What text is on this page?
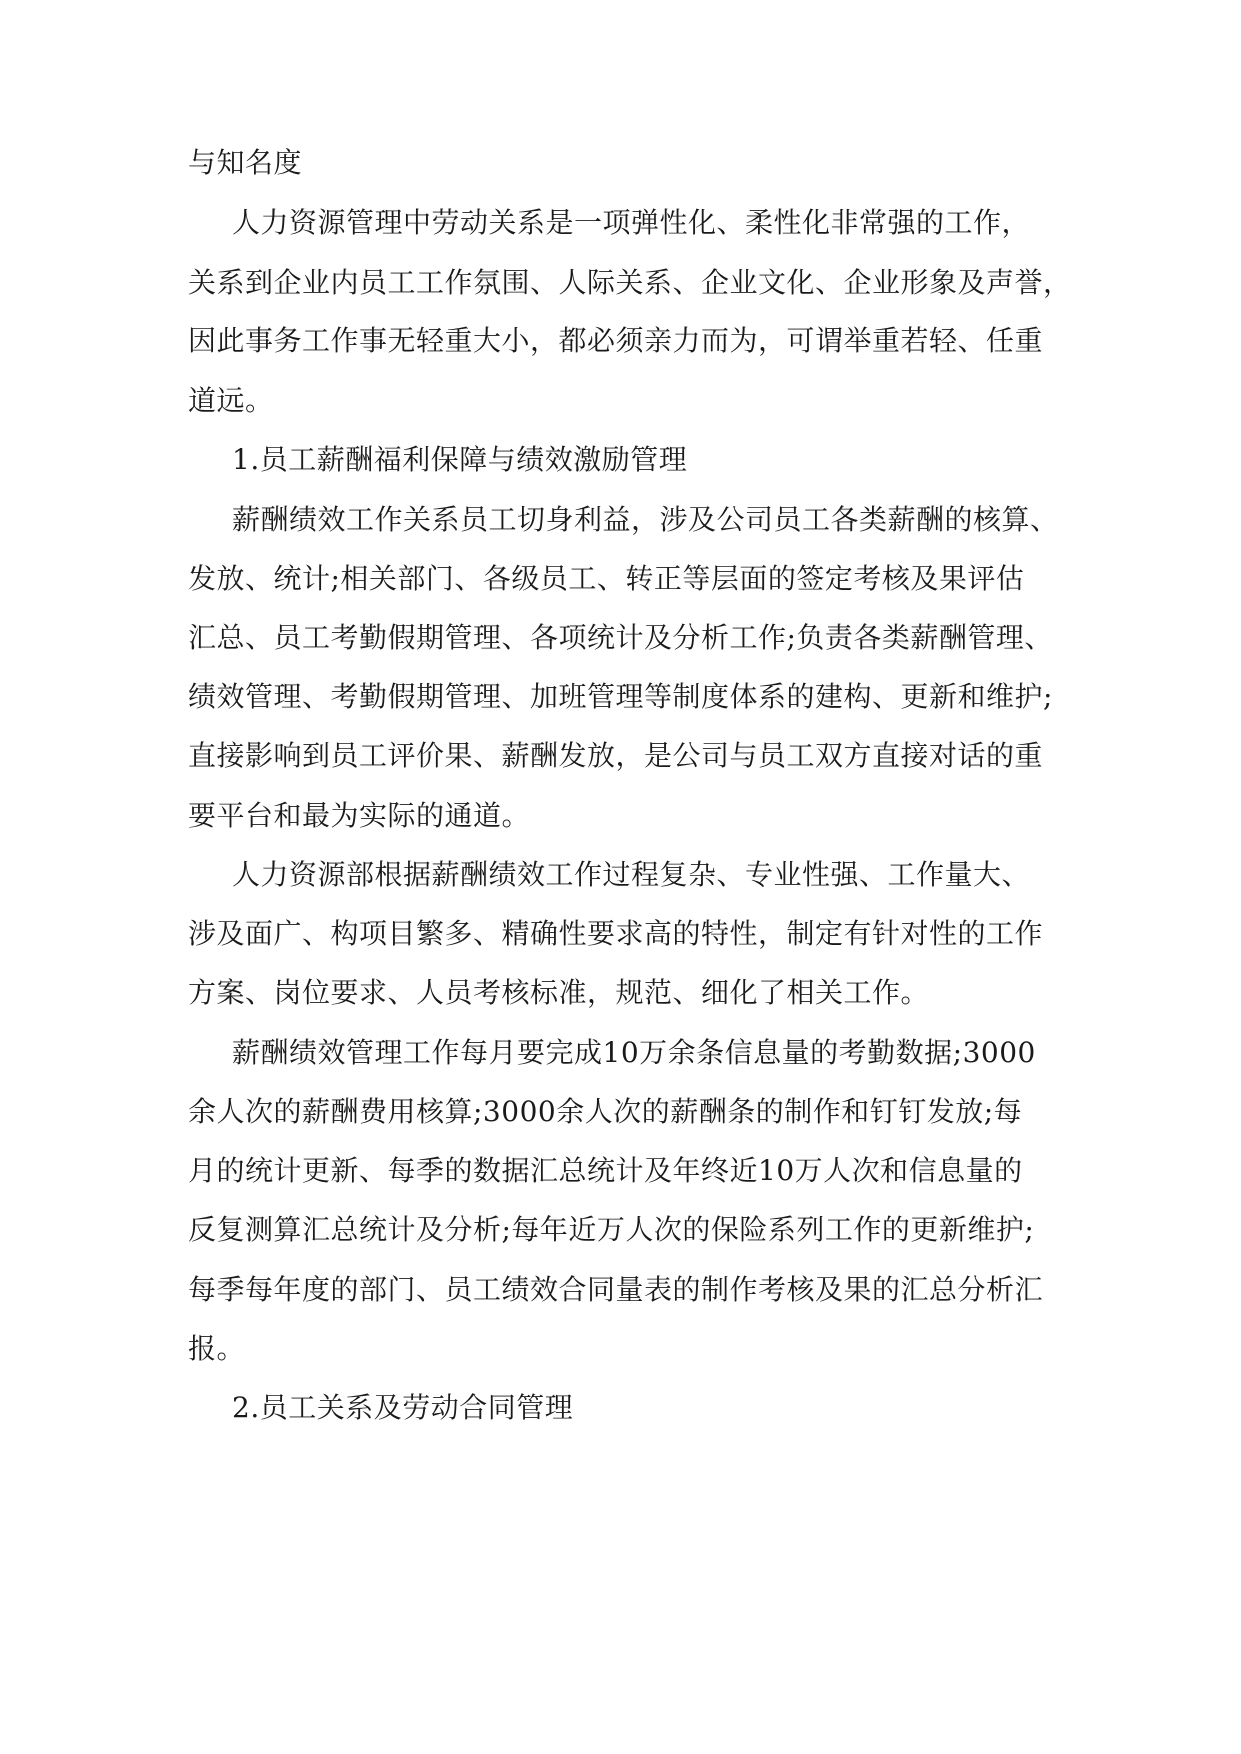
与知名度
人力资源管理中劳动关系是一项弹性化、柔性化非常强的工作，
关系到企业内员工工作氛围、人际关系、企业文化、企业形象及声誉，
因此事务工作事无轻重大小，都必须亲力而为，可谓举重若轻、任重
道远。
1.员工薪酬福利保障与绩效激励管理
薪酬绩效工作关系员工切身利益，涉及公司员工各类薪酬的核算、
发放、统计;相关部门、各级员工、转正等层面的签定考核及果评估
汇总、员工考勤假期管理、各项统计及分析工作;负责各类薪酬管理、
绩效管理、考勤假期管理、加班管理等制度体系的建构、更新和维护;
直接影响到员工评价果、薪酬发放，是公司与员工双方直接对话的重
要平台和最为实际的通道。
人力资源部根据薪酬绩效工作过程复杂、专业性强、工作量大、
涉及面广、构项目繁多、精确性要求高的特性，制定有针对性的工作
方案、岗位要求、人员考核标准，规范、细化了相关工作。
薪酬绩效管理工作每月要完成10万余条信息量的考勤数据;3000
余人次的薪酬费用核算;3000余人次的薪酬条的制作和钉钉发放;每
月的统计更新、每季的数据汇总统计及年终近10万人次和信息量的
反复测算汇总统计及分析;每年近万人次的保险系列工作的更新维护;
每季每年度的部门、员工绩效合同量表的制作考核及果的汇总分析汇
报。
2.员工关系及劳动合同管理
